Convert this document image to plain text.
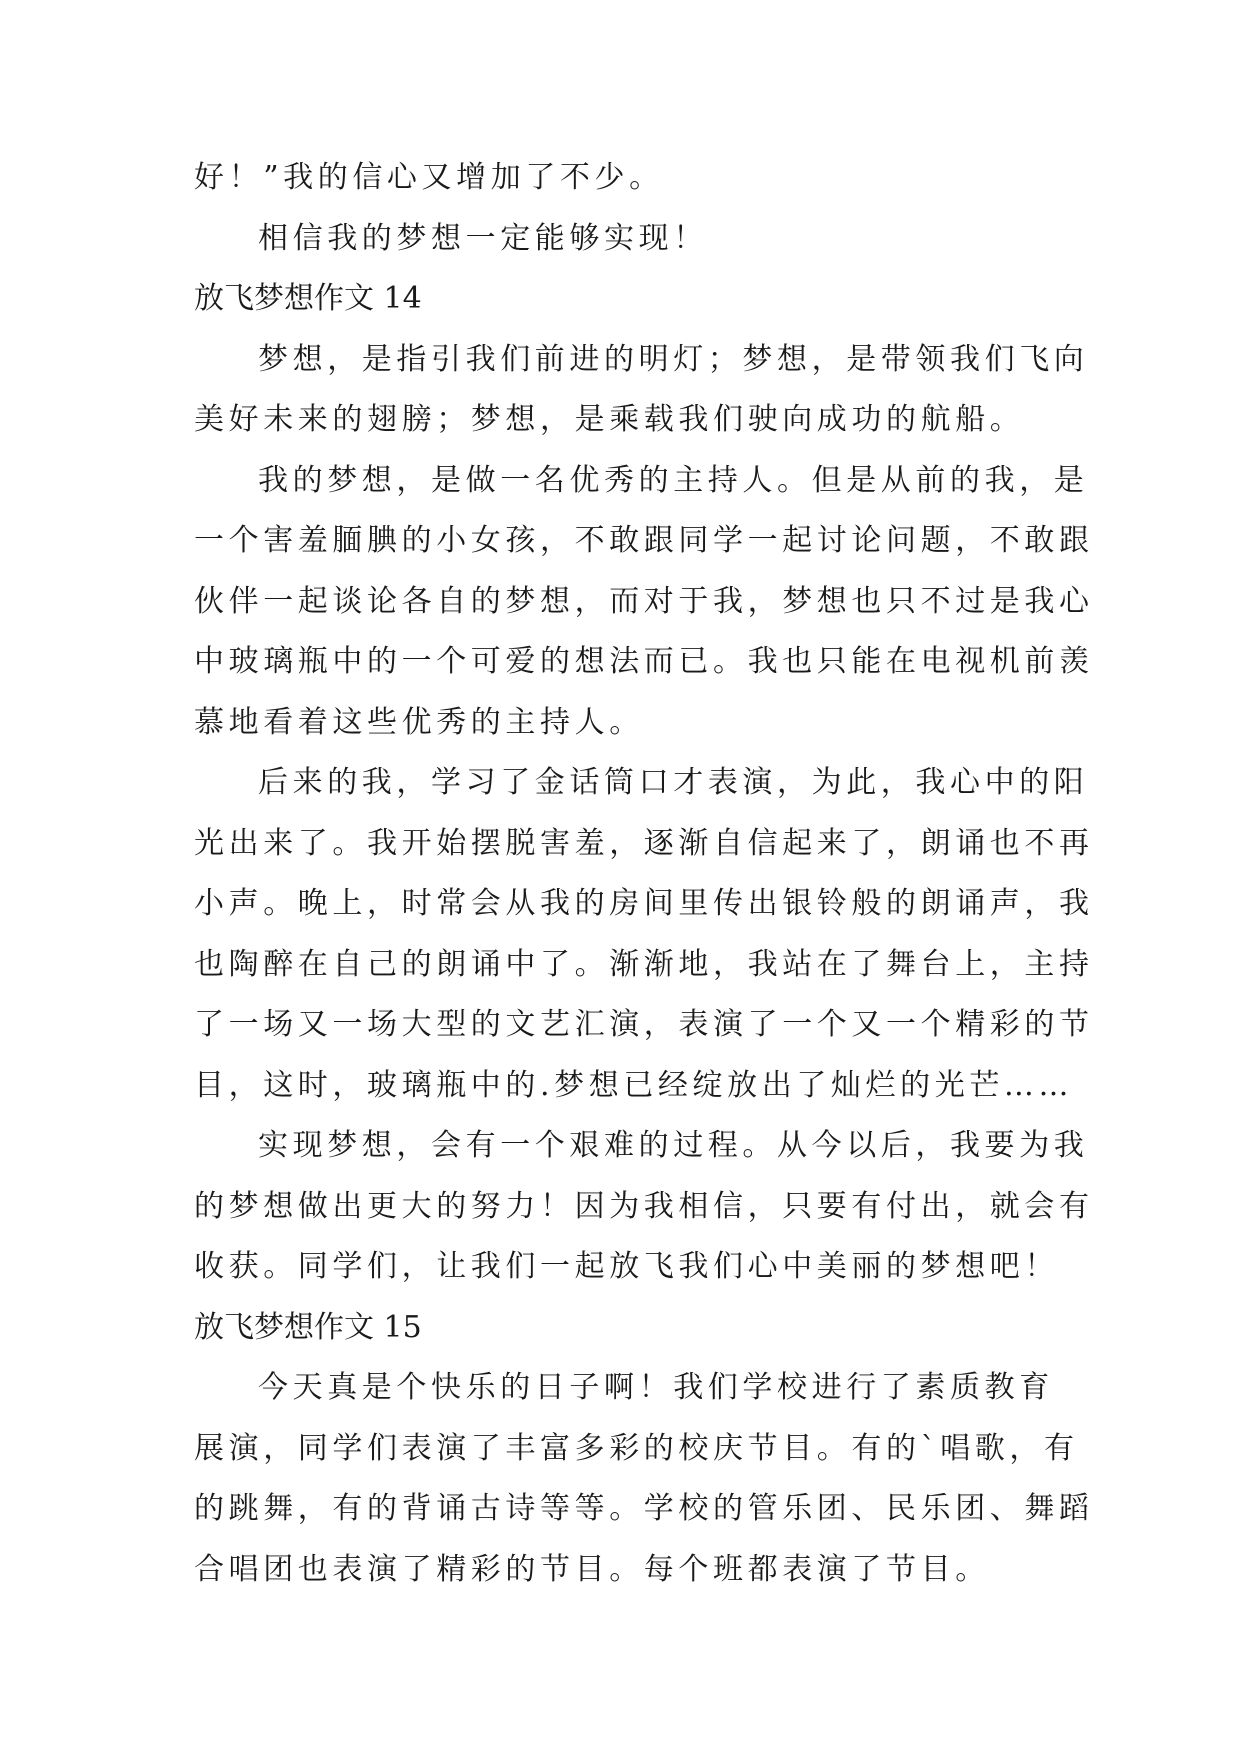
好！”我的信心又增加了不少。
相信我的梦想一定能够实现！
放飞梦想作文 14
梦想，是指引我们前进的明灯；梦想，是带领我们飞向
美好未来的翅膀；梦想，是乘载我们驶向成功的航船。
我的梦想，是做一名优秀的主持人。但是从前的我，是
一个害羞腼腆的小女孩，不敢跟同学一起讨论问题，不敢跟
伙伴一起谈论各自的梦想，而对于我，梦想也只不过是我心
中玻璃瓶中的一个可爱的想法而已。我也只能在电视机前羡
慕地看着这些优秀的主持人。
后来的我，学习了金话筒口才表演，为此，我心中的阳
光出来了。我开始摆脱害羞，逐渐自信起来了，朗诵也不再
小声。晚上，时常会从我的房间里传出银铃般的朗诵声，我
也陶醉在自己的朗诵中了。渐渐地，我站在了舞台上，主持
了一场又一场大型的文艺汇演，表演了一个又一个精彩的节
目，这时，玻璃瓶中的.梦想已经绽放出了灿烂的光芒……
实现梦想，会有一个艰难的过程。从今以后，我要为我
的梦想做出更大的努力！因为我相信，只要有付出，就会有
收获。同学们，让我们一起放飞我们心中美丽的梦想吧！
放飞梦想作文 15
今天真是个快乐的日子啊！我们学校进行了素质教育
展演，同学们表演了丰富多彩的校庆节目。有的`唱歌，有
的跳舞，有的背诵古诗等等。学校的管乐团、民乐团、舞蹈
合唱团也表演了精彩的节目。每个班都表演了节目。
